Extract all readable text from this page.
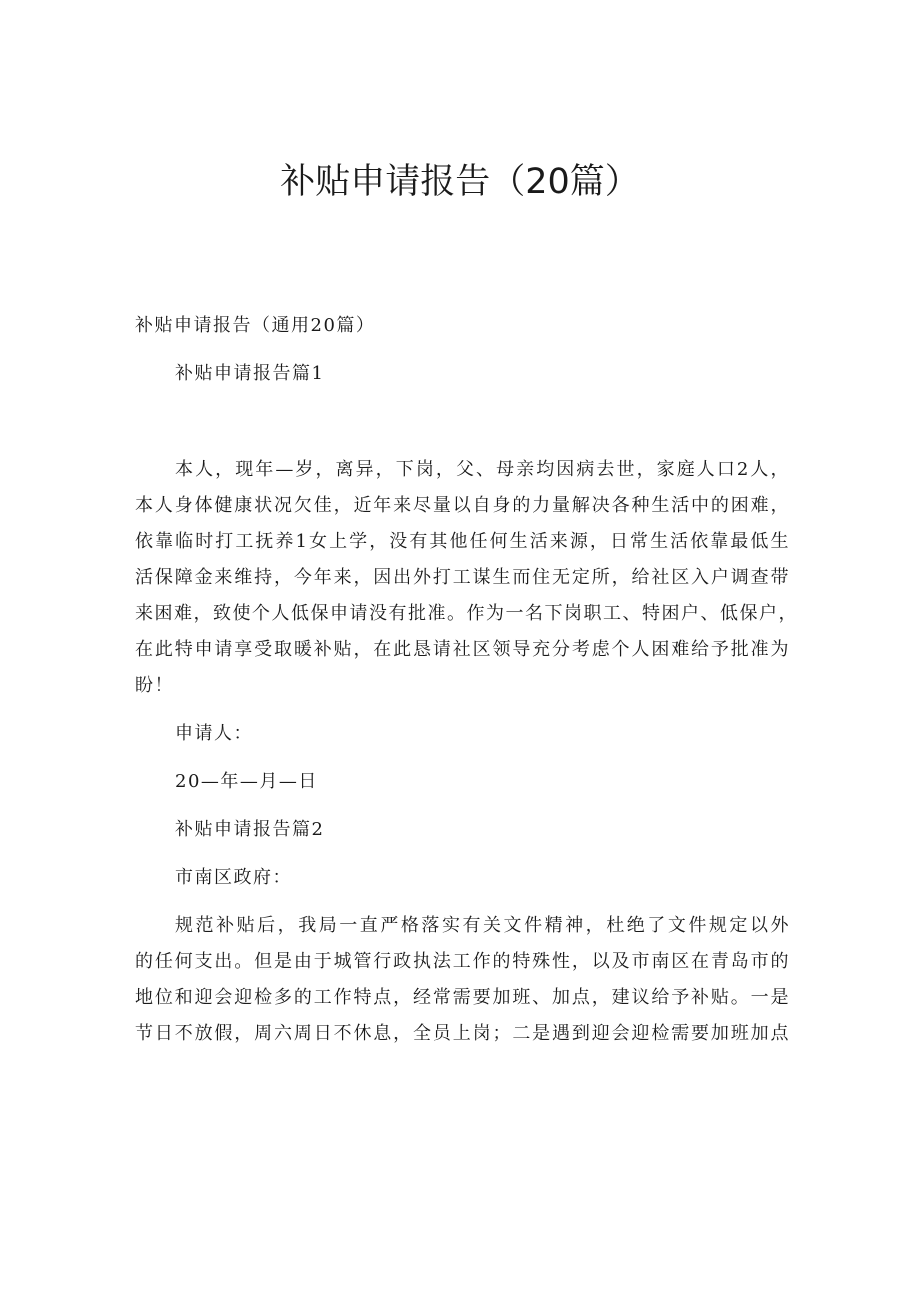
补贴申请报告（20篇）
补贴申请报告（通用20篇）
补贴申请报告篇1
本人，现年—岁，离异，下岗，父、母亲均因病去世，家庭人口2人，
本人身体健康状况欠佳，近年来尽量以自身的力量解决各种生活中的困难，
依靠临时打工抚养1女上学，没有其他任何生活来源，日常生活依靠最低生
活保障金来维持，今年来，因出外打工谋生而住无定所，给社区入户调查带
来困难，致使个人低保申请没有批准。作为一名下岗职工、特困户、低保户，
在此特申请享受取暖补贴，在此恳请社区领导充分考虑个人困难给予批准为
盼！
申请人：
20—年—月—日
补贴申请报告篇2
市南区政府：
规范补贴后，我局一直严格落实有关文件精神，杜绝了文件规定以外
的任何支出。但是由于城管行政执法工作的特殊性，以及市南区在青岛市的
地位和迎会迎检多的工作特点，经常需要加班、加点，建议给予补贴。一是
节日不放假，周六周日不休息，全员上岗；二是遇到迎会迎检需要加班加点
